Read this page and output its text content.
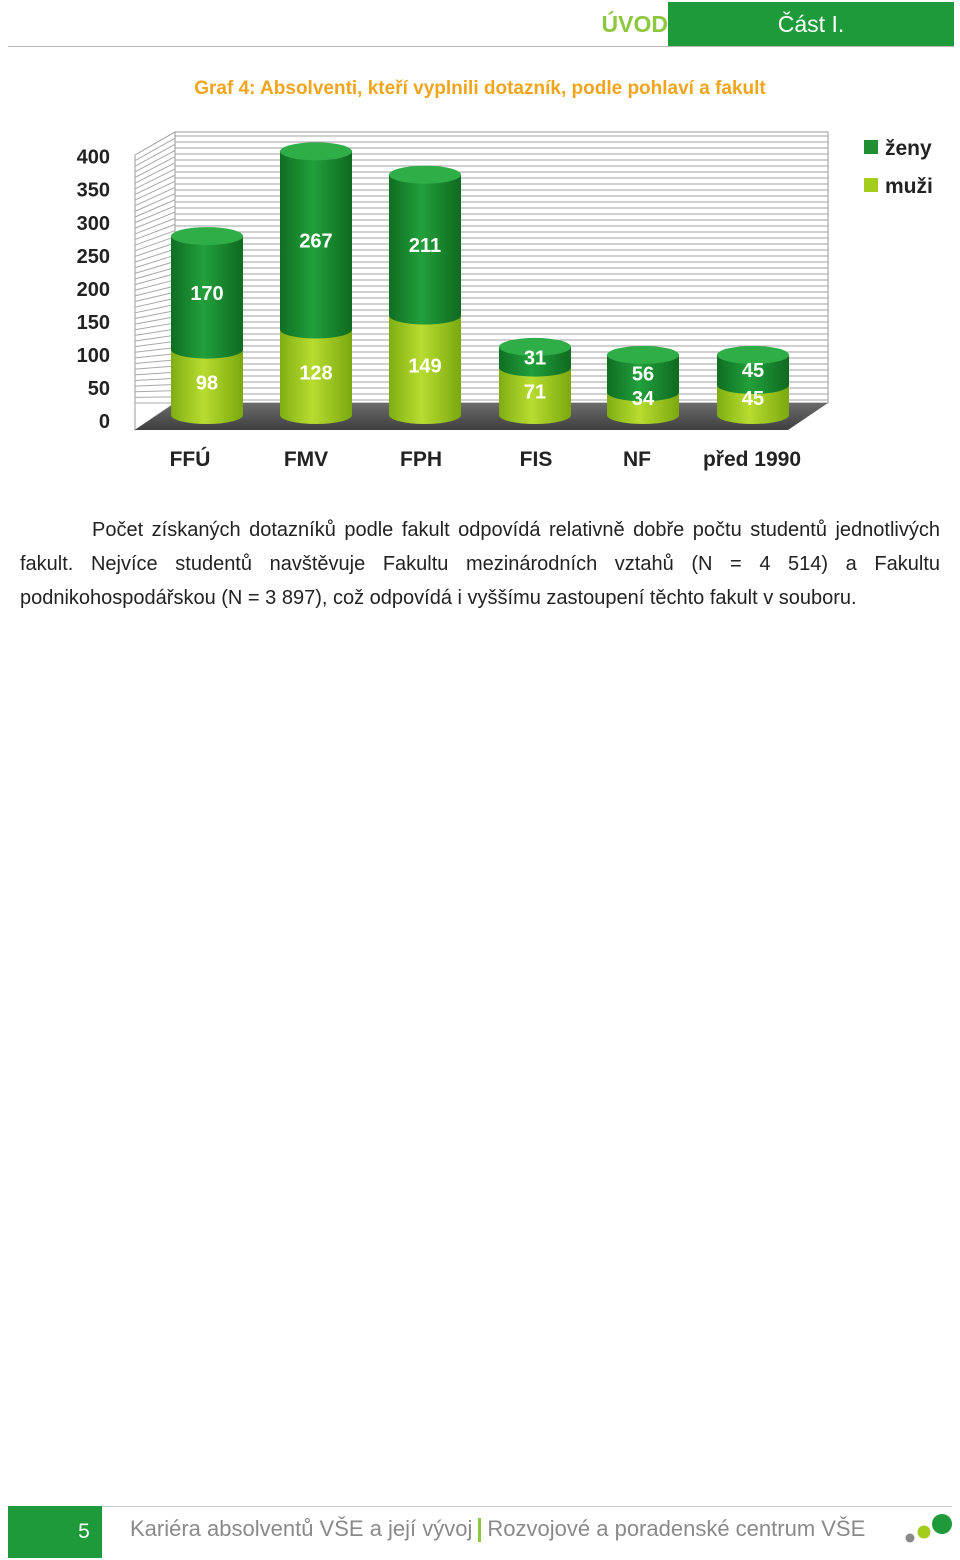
ÚVOD	Část I.
Graf 4: Absolventi, kteří vyplnili dotazník, podle pohlaví a fakult
0
50
100
150
200
250
300
350
400
98
170
128
267
149
211
71
31
34
56
45
45
FFÚ	FMV	FPH	FIS	NF před 1990
ženy
muži

Počet získaných dotazníků podle fakult odpovídá relativně dobře počtu studentů jednotlivých fakult. Nejvíce studentů navštěvuje Fakultu mezinárodních vztahů (N = 4 514) a Fakultu podnikohospodářskou (N = 3 897), což odpovídá i vyššímu zastoupení těchto fakult v souboru.

5	Kariéra absolventů VŠE a její vývoj Rozvojové a poradenské centrum VŠE
